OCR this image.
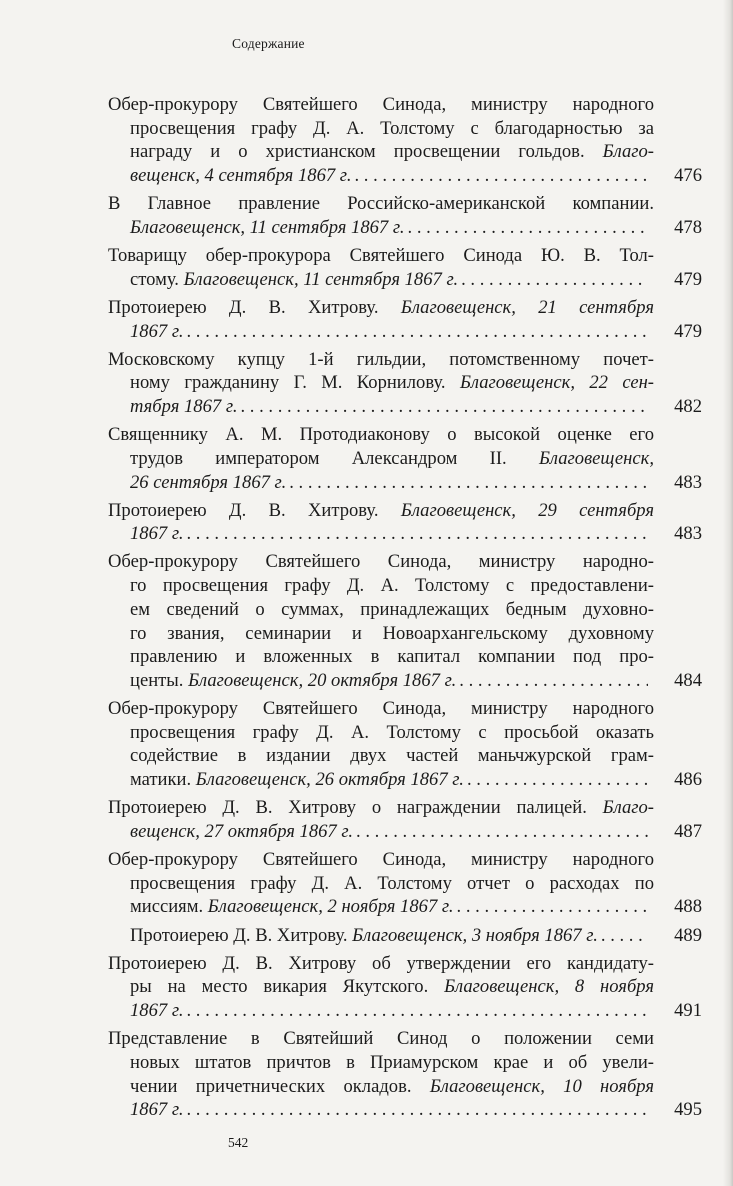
Содержание
Обер-прокурору Святейшего Синода, министру народного
просвещения графу Д. А. Толстому с благодарностью за
награду и о христианском просвещении гольдов. Благо-
вещенск, 4 сентября 1867 г. . . .	476
В Главное правление Российско-американской компании.
Благовещенск, 11 сентября 1867 г. . . .	478
Товарищу обер-прокурора Святейшего Синода Ю. В. Тол-
стому. Благовещенск, 11 сентября 1867 г. . . .	479
Протоиерею Д. В. Хитрову. Благовещенск, 21 сентября
1867 г. . . .	479
Московскому купцу 1-й гильдии, потомственному почет-
ному гражданину Г. М. Корнилову. Благовещенск, 22 сен-
тября 1867 г. . . .	482
Священнику А. М. Протодиаконову о высокой оценке его
трудов императором Александром II. Благовещенск,
26 сентября 1867 г. . . .	483
Протоиерею Д. В. Хитрову. Благовещенск, 29 сентября
1867 г. . . .	483
Обер-прокурору Святейшего Синода, министру народно-
го просвещения графу Д. А. Толстому с предоставлени-
ем сведений о суммах, принадлежащих бедным духовно-
го звания, семинарии и Новоархангельскому духовному
правлению и вложенных в капитал компании под про-
центы. Благовещенск, 20 октября 1867 г. . . .	484
Обер-прокурору Святейшего Синода, министру народного
просвещения графу Д. А. Толстому с просьбой оказать
содействие в издании двух частей маньчжурской грам-
матики. Благовещенск, 26 октября 1867 г. . . .	486
Протоиерею Д. В. Хитрову о награждении палицей. Благо-
вещенск, 27 октября 1867 г. . . .	487
Обер-прокурору Святейшего Синода, министру народного
просвещения графу Д. А. Толстому отчет о расходах по
миссиям. Благовещенск, 2 ноября 1867 г. . . .	488
Протоиерею Д. В. Хитрову. Благовещенск, 3 ноября 1867 г. . . .	489
Протоиерею Д. В. Хитрову об утверждении его кандидату-
ры на место викария Якутского. Благовещенск, 8 ноября
1867 г. . . .	491
Представление в Святейший Синод о положении семи
новых штатов причтов в Приамурском крае и об увели-
чении причетнических окладов. Благовещенск, 10 ноября
1867 г. . . .	495
542
